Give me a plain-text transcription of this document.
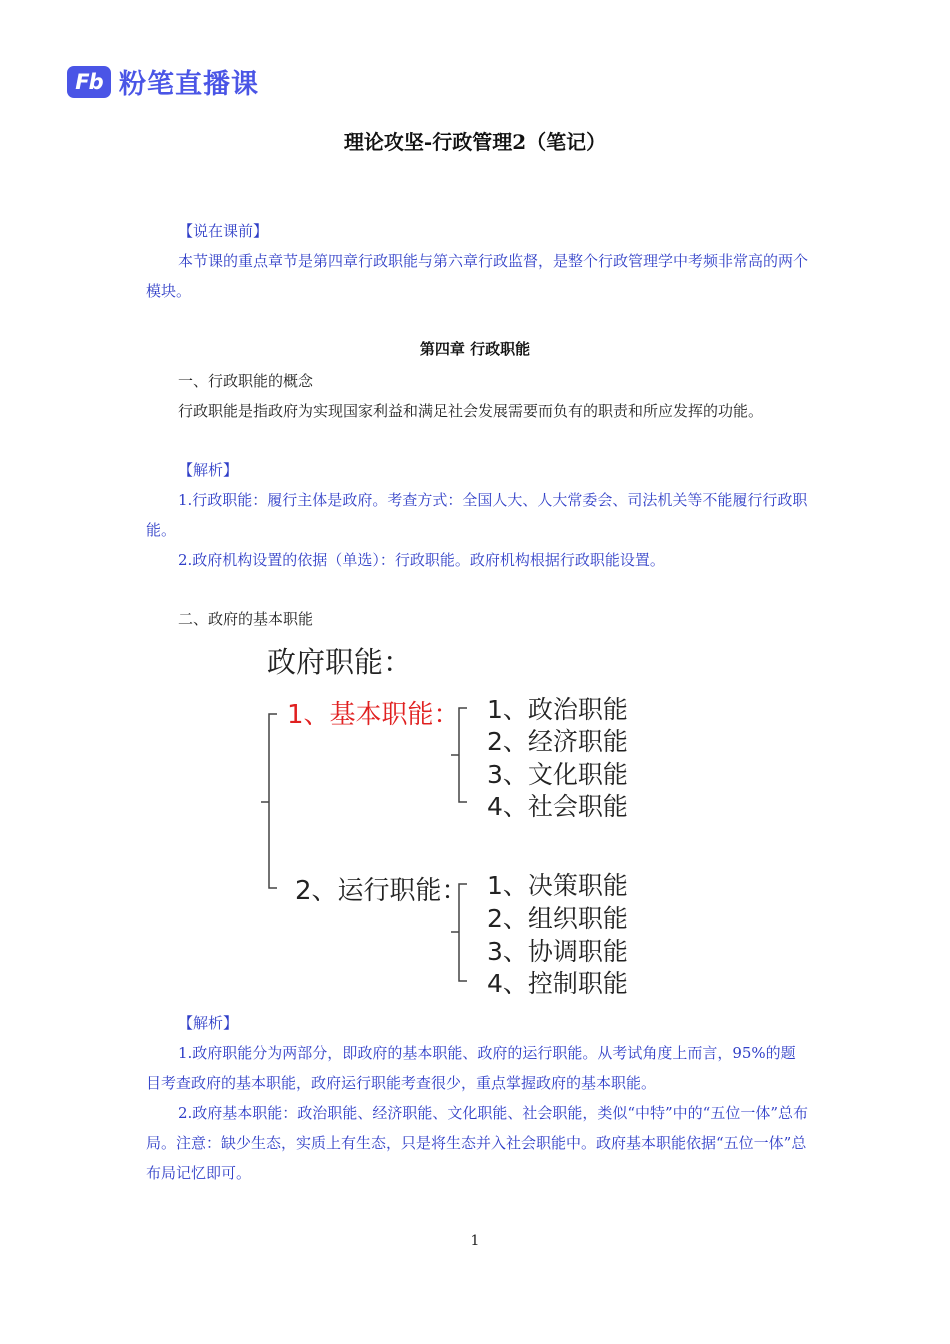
Fb 粉笔直播课
理论攻坚-行政管理2（笔记）

【说在课前】

本节课的重点章节是第四章行政职能与第六章行政监督，是整个行政管理学中考频非常高的两个模块。

第四章 行政职能

一、行政职能的概念

行政职能是指政府为实现国家利益和满足社会发展需要而负有的职责和所应发挥的功能。

【解析】

1.行政职能：履行主体是政府。考查方式：全国人大、人大常委会、司法机关等不能履行行政职能。

2.政府机构设置的依据（单选）：行政职能。政府机构根据行政职能设置。

二、政府的基本职能

政府职能：
1、基本职能： 1、政治职能
2、经济职能
3、文化职能
4、社会职能
2、运行职能： 1、决策职能
2、组织职能
3、协调职能
4、控制职能

【解析】

1.政府职能分为两部分，即政府的基本职能、政府的运行职能。从考试角度上而言，95%的题目考查政府的基本职能，政府运行职能考查很少，重点掌握政府的基本职能。

2.政府基本职能：政治职能、经济职能、文化职能、社会职能，类似“中特”中的“五位一体”总布局。注意：缺少生态，实质上有生态，只是将生态并入社会职能中。政府基本职能依据“五位一体”总布局记忆即可。

1
